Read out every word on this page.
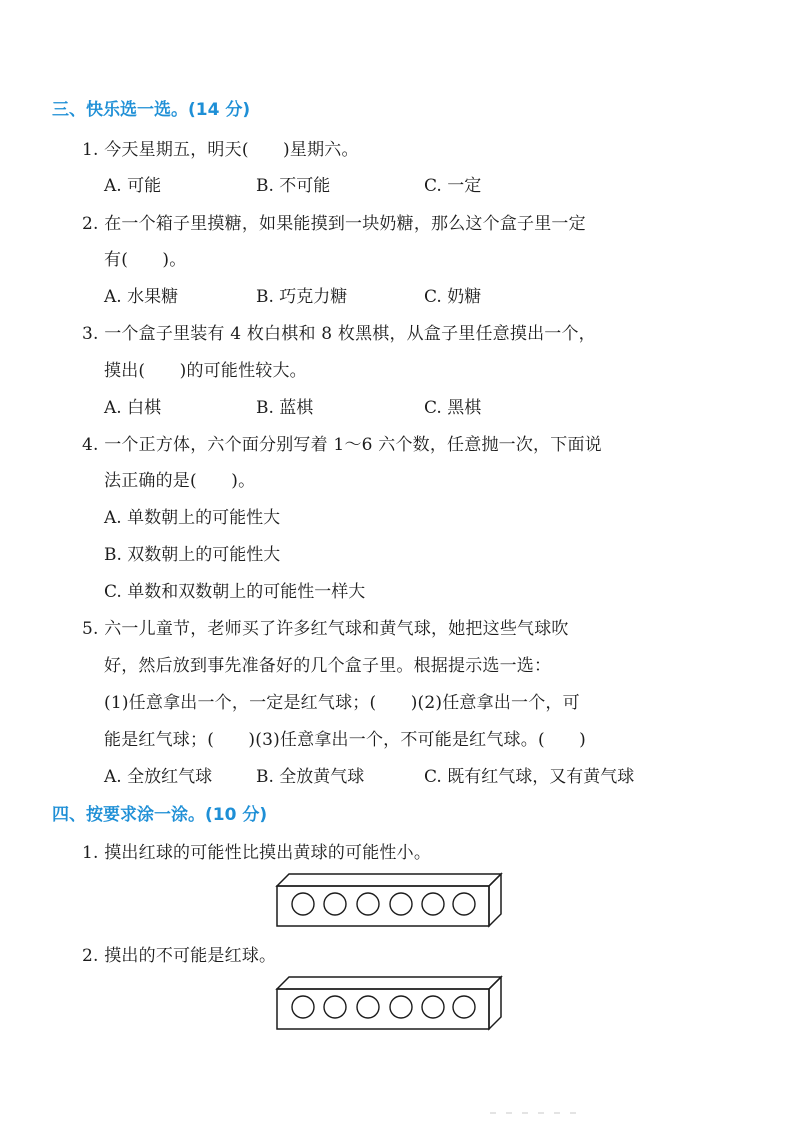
三、快乐选一选。(14 分)
1. 今天星期五，明天(　　)星期六。
A. 可能	B. 不可能	C. 一定
2. 在一个箱子里摸糖，如果能摸到一块奶糖，那么这个盒子里一定
有(　　)。
A. 水果糖	B. 巧克力糖	C. 奶糖
3. 一个盒子里装有 4 枚白棋和 8 枚黑棋，从盒子里任意摸出一个，
摸出(　　)的可能性较大。
A. 白棋	B. 蓝棋	C. 黑棋
4. 一个正方体，六个面分别写着 1～6 六个数，任意抛一次，下面说
法正确的是(　　)。
A. 单数朝上的可能性大
B. 双数朝上的可能性大
C. 单数和双数朝上的可能性一样大
5. 六一儿童节，老师买了许多红气球和黄气球，她把这些气球吹
好，然后放到事先准备好的几个盒子里。根据提示选一选：
(1)任意拿出一个，一定是红气球；(　　)(2)任意拿出一个，可
能是红气球；(　　)(3)任意拿出一个，不可能是红气球。(　　)
A. 全放红气球	B. 全放黄气球	C. 既有红气球，又有黄气球
四、按要求涂一涂。(10 分)
1. 摸出红球的可能性比摸出黄球的可能性小。
2. 摸出的不可能是红球。
